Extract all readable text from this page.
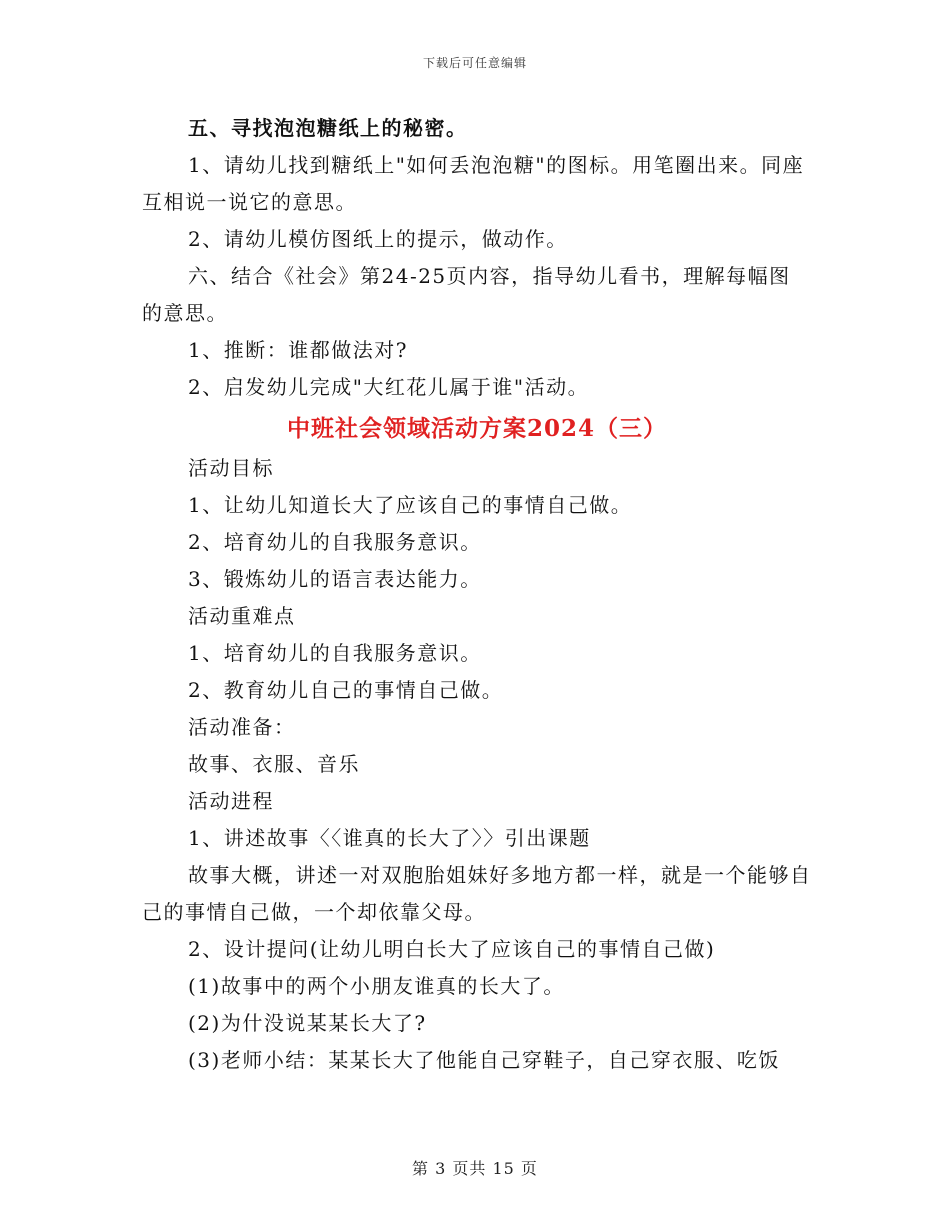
下载后可任意编辑

五、寻找泡泡糖纸上的秘密。

1、请幼儿找到糖纸上"如何丢泡泡糖"的图标。用笔圈出来。同座互相说一说它的意思。

2、请幼儿模仿图纸上的提示，做动作。

六、结合《社会》第24-25页内容，指导幼儿看书，理解每幅图的意思。

1、推断：谁都做法对?

2、启发幼儿完成"大红花儿属于谁"活动。

中班社会领域活动方案2024（三）

活动目标

1、让幼儿知道长大了应该自己的事情自己做。

2、培育幼儿的自我服务意识。

3、锻炼幼儿的语言表达能力。

活动重难点

1、培育幼儿的自我服务意识。

2、教育幼儿自己的事情自己做。

活动准备：

故事、衣服、音乐

活动进程

1、讲述故事〈〈谁真的长大了〉〉引出课题

故事大概，讲述一对双胞胎姐妹好多地方都一样，就是一个能够自己的事情自己做，一个却依靠父母。

2、设计提问(让幼儿明白长大了应该自己的事情自己做)

(1)故事中的两个小朋友谁真的长大了。

(2)为什没说某某长大了?

(3)老师小结：某某长大了他能自己穿鞋子，自己穿衣服、吃饭

第 3 页共 15 页
